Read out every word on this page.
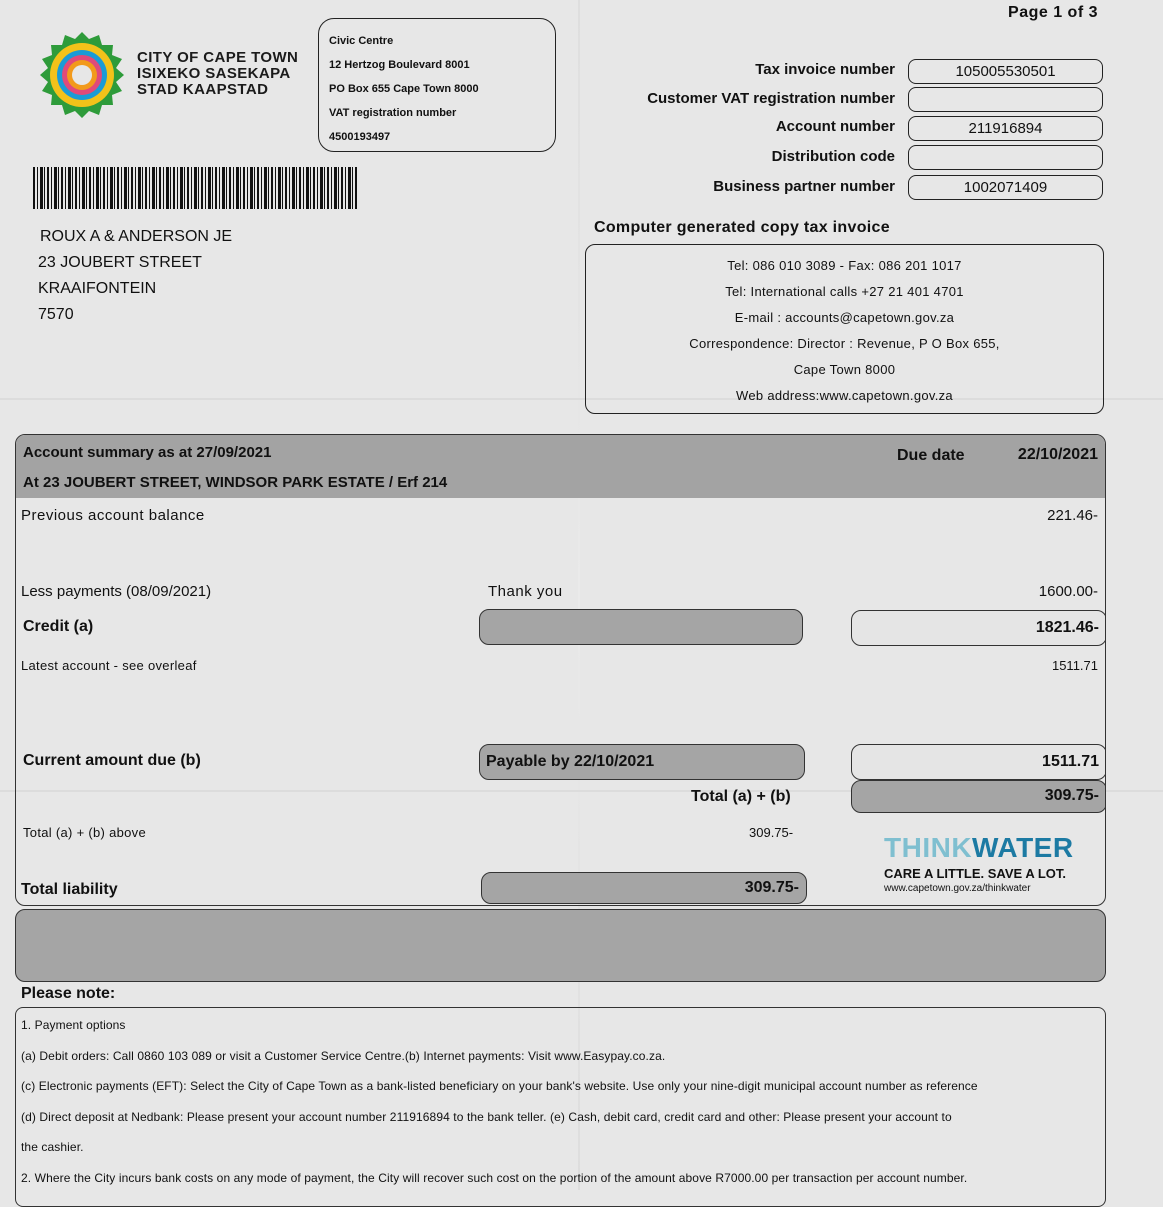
Page 1 of 3
CITY OF CAPE TOWN
ISIXEKO SASEKAPA
STAD KAAPSTAD
Civic Centre
12 Hertzog Boulevard 8001
PO Box 655 Cape Town 8000
VAT registration number
4500193497
Tax invoice number	105005530501
Customer VAT registration number
Account number	211916894
Distribution code
Business partner number	1002071409
ROUX A & ANDERSON JE
23 JOUBERT STREET
KRAAIFONTEIN
7570
Computer generated copy tax invoice
Tel: 086 010 3089 - Fax: 086 201 1017
Tel: International calls +27 21 401 4701
E-mail : accounts@capetown.gov.za
Correspondence: Director : Revenue, P O Box 655,
Cape Town 8000
Web address:www.capetown.gov.za
Account summary as at 27/09/2021
At 23 JOUBERT STREET, WINDSOR PARK ESTATE / Erf 214
Due date	22/10/2021
Previous account balance	221.46-
Less payments (08/09/2021)	Thank you	1600.00-
Credit (a)	1821.46-
Latest account - see overleaf	1511.71
Current amount due (b)	Payable by 22/10/2021	1511.71
Total (a) + (b)	309.75-
Total (a) + (b) above	309.75-
Total liability	309.75-
THINKWATER
CARE A LITTLE. SAVE A LOT.
www.capetown.gov.za/thinkwater
Please note:
1. Payment options
(a) Debit orders: Call 0860 103 089 or visit a Customer Service Centre.(b) Internet payments: Visit www.Easypay.co.za.
(c) Electronic payments (EFT): Select the City of Cape Town as a bank-listed beneficiary on your bank's website. Use only your nine-digit municipal account number as reference
(d) Direct deposit at Nedbank: Please present your account number 211916894 to the bank teller. (e) Cash, debit card, credit card and other: Please present your account to
the cashier.
2. Where the City incurs bank costs on any mode of payment, the City will recover such cost on the portion of the amount above R7000.00 per transaction per account number.
